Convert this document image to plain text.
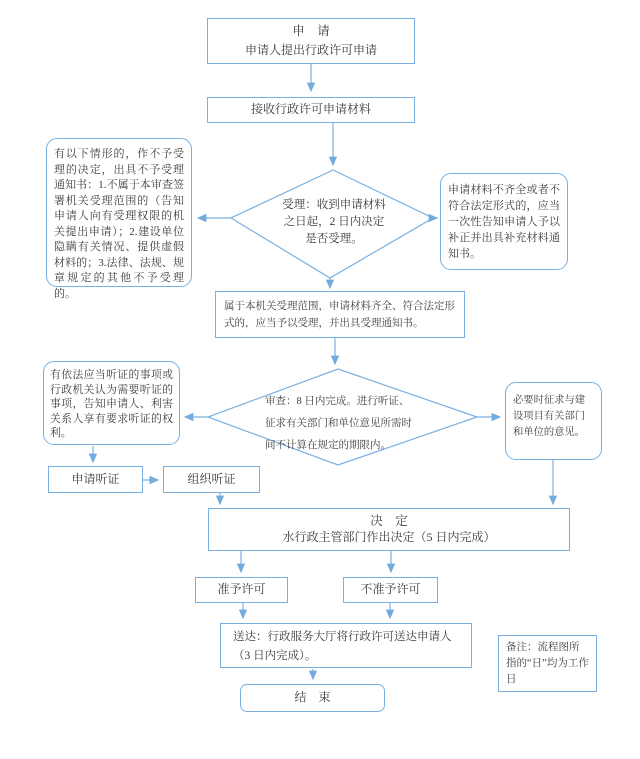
申　请
申请人提出行政许可申请
接收行政许可申请材料
有以下情形的，作不予受理的决定，出具不予受理通知书：1.不属于本审查签署机关受理范围的（告知申请人向有受理权限的机关提出申请）；2.建设单位隐瞒有关情况、提供虚假材料的；3.法律、法规、规章规定的其他不予受理的。
申请材料不齐全或者不符合法定形式的，应当一次性告知申请人予以补正并出具补充材料通知书。
受理：收到申请材料之日起，2 日内决定是否受理。
属于本机关受理范围，申请材料齐全、符合法定形式的，应当予以受理，并出具受理通知书。
审查：8 日内完成。进行听证、征求有关部门和单位意见所需时间不计算在规定的期限内。
有依法应当听证的事项或行政机关认为需要听证的事项，告知申请人、利害关系人享有要求听证的权利。
必要时征求与建设项目有关部门和单位的意见。
申请听证	组织听证
决　定
水行政主管部门作出决定（5 日内完成）
准予许可	不准予许可
送达：行政服务大厅将行政许可送达申请人
（3 日内完成）。
结　束
备注：流程图所指的“日”均为工作日
